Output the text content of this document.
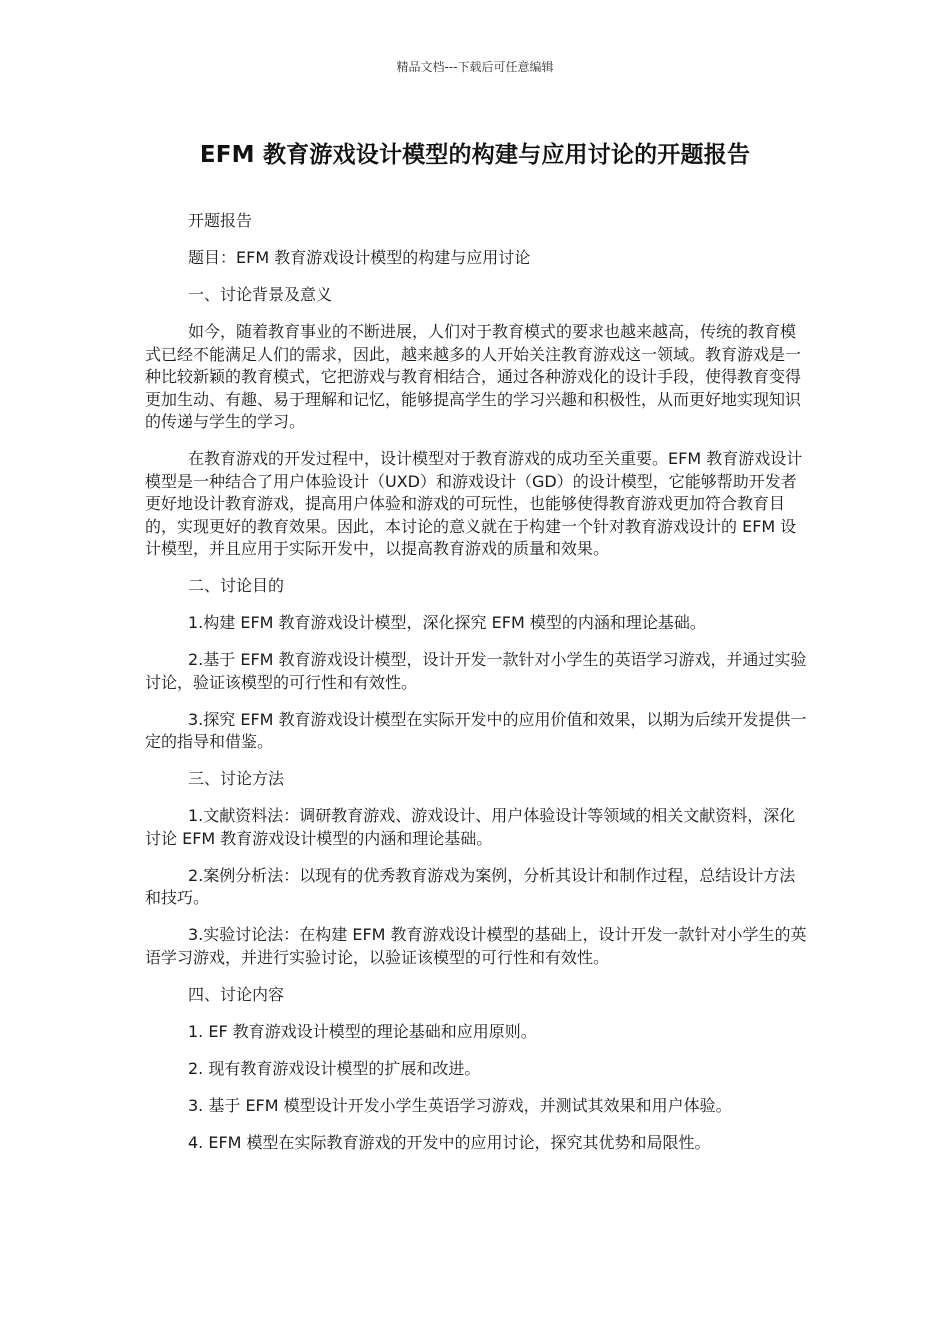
精品文档---下载后可任意编辑
EFM 教育游戏设计模型的构建与应用讨论的开题报告

开题报告

题目：EFM 教育游戏设计模型的构建与应用讨论

一、讨论背景及意义

如今，随着教育事业的不断进展，人们对于教育模式的要求也越来越高，传统的教育模式已经不能满足人们的需求，因此，越来越多的人开始关注教育游戏这一领域。教育游戏是一种比较新颖的教育模式，它把游戏与教育相结合，通过各种游戏化的设计手段，使得教育变得更加生动、有趣、易于理解和记忆，能够提高学生的学习兴趣和积极性，从而更好地实现知识的传递与学生的学习。

在教育游戏的开发过程中，设计模型对于教育游戏的成功至关重要。EFM 教育游戏设计模型是一种结合了用户体验设计（UXD）和游戏设计（GD）的设计模型，它能够帮助开发者更好地设计教育游戏，提高用户体验和游戏的可玩性，也能够使得教育游戏更加符合教育目的，实现更好的教育效果。因此，本讨论的意义就在于构建一个针对教育游戏设计的 EFM 设计模型，并且应用于实际开发中，以提高教育游戏的质量和效果。

二、讨论目的

1.构建 EFM 教育游戏设计模型，深化探究 EFM 模型的内涵和理论基础。

2.基于 EFM 教育游戏设计模型，设计开发一款针对小学生的英语学习游戏，并通过实验讨论，验证该模型的可行性和有效性。

3.探究 EFM 教育游戏设计模型在实际开发中的应用价值和效果，以期为后续开发提供一定的指导和借鉴。

三、讨论方法

1.文献资料法：调研教育游戏、游戏设计、用户体验设计等领域的相关文献资料，深化讨论 EFM 教育游戏设计模型的内涵和理论基础。

2.案例分析法：以现有的优秀教育游戏为案例，分析其设计和制作过程，总结设计方法和技巧。

3.实验讨论法：在构建 EFM 教育游戏设计模型的基础上，设计开发一款针对小学生的英语学习游戏，并进行实验讨论，以验证该模型的可行性和有效性。

四、讨论内容

1. EF 教育游戏设计模型的理论基础和应用原则。

2. 现有教育游戏设计模型的扩展和改进。

3. 基于 EFM 模型设计开发小学生英语学习游戏，并测试其效果和用户体验。

4. EFM 模型在实际教育游戏的开发中的应用讨论，探究其优势和局限性。
